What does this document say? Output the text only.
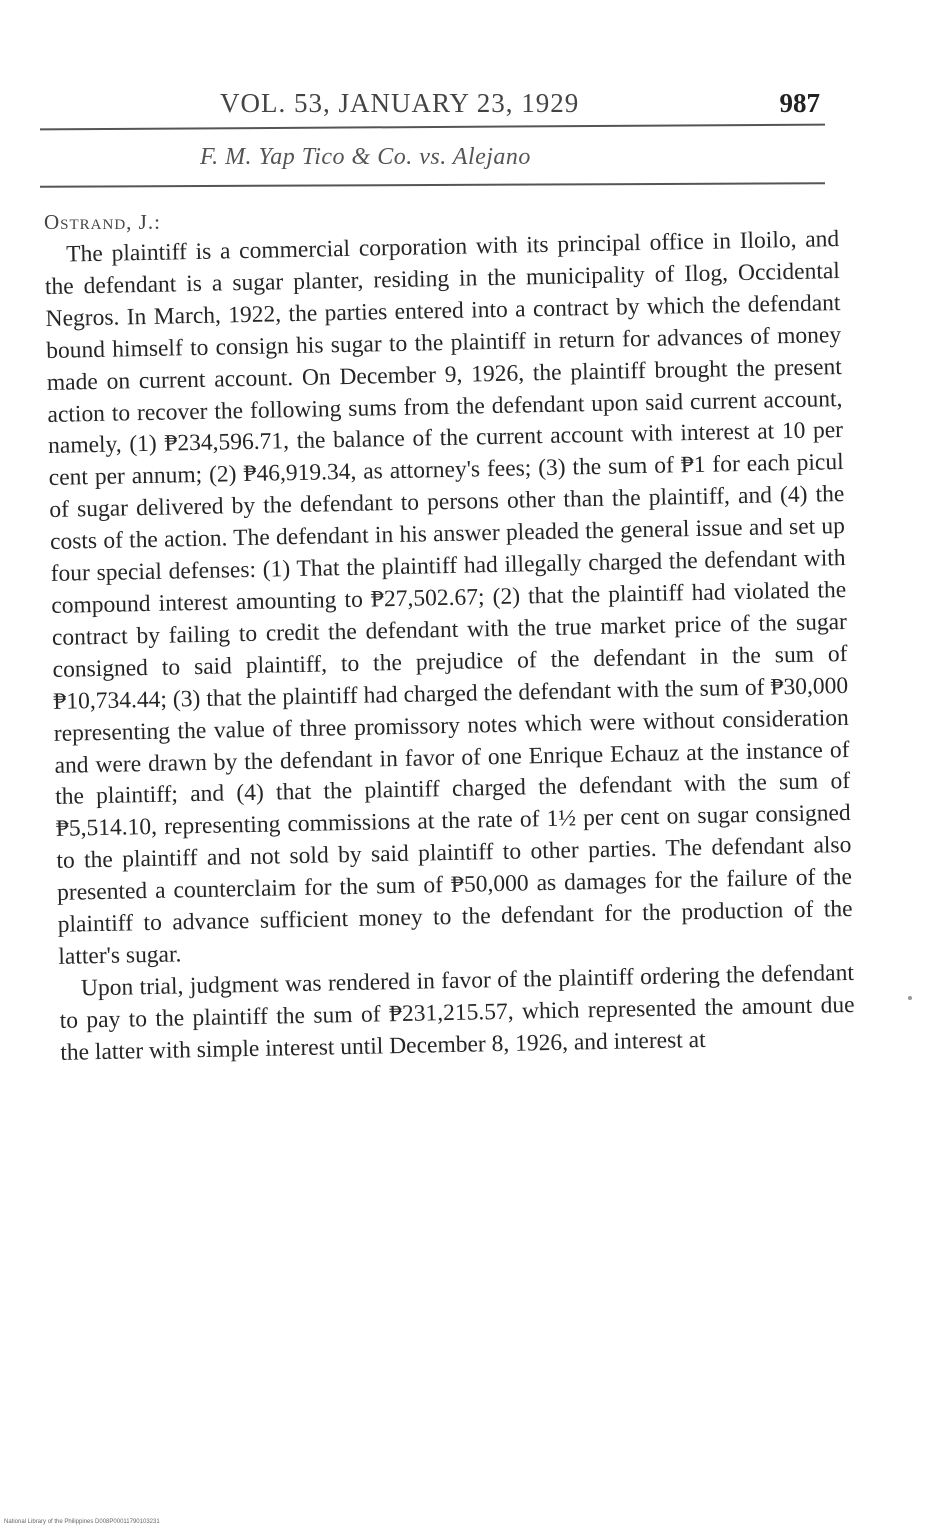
VOL. 53, JANUARY 23, 1929	987
F. M. Yap Tico & Co. vs. Alejano
Ostrand, J.:

The plaintiff is a commercial corporation with its principal office in Iloilo, and the defendant is a sugar planter, residing in the municipality of Ilog, Occidental Negros. In March, 1922, the parties entered into a contract by which the defendant bound himself to consign his sugar to the plaintiff in return for advances of money made on current account. On December 9, 1926, the plaintiff brought the present action to recover the following sums from the defendant upon said current account, namely, (1) ₱234,596.71, the balance of the current account with interest at 10 per cent per annum; (2) ₱46,919.34, as attorney's fees; (3) the sum of ₱1 for each picul of sugar delivered by the defendant to persons other than the plaintiff, and (4) the costs of the action. The defendant in his answer pleaded the general issue and set up four special defenses: (1) That the plaintiff had illegally charged the defendant with compound interest amounting to ₱27,502.67; (2) that the plaintiff had violated the contract by failing to credit the defendant with the true market price of the sugar consigned to said plaintiff, to the prejudice of the defendant in the sum of ₱10,734.44; (3) that the plaintiff had charged the defendant with the sum of ₱30,000 representing the value of three promissory notes which were without consideration and were drawn by the defendant in favor of one Enrique Echauz at the instance of the plaintiff; and (4) that the plaintiff charged the defendant with the sum of ₱5,514.10, representing commissions at the rate of 1½ per cent on sugar consigned to the plaintiff and not sold by said plaintiff to other parties. The defendant also presented a counterclaim for the sum of ₱50,000 as damages for the failure of the plaintiff to advance sufficient money to the defendant for the production of the latter's sugar.

Upon trial, judgment was rendered in favor of the plaintiff ordering the defendant to pay to the plaintiff the sum of ₱231,215.57, which represented the amount due the latter with simple interest until December 8, 1926, and interest at

National Library of the Philippines D008P00011790103231
